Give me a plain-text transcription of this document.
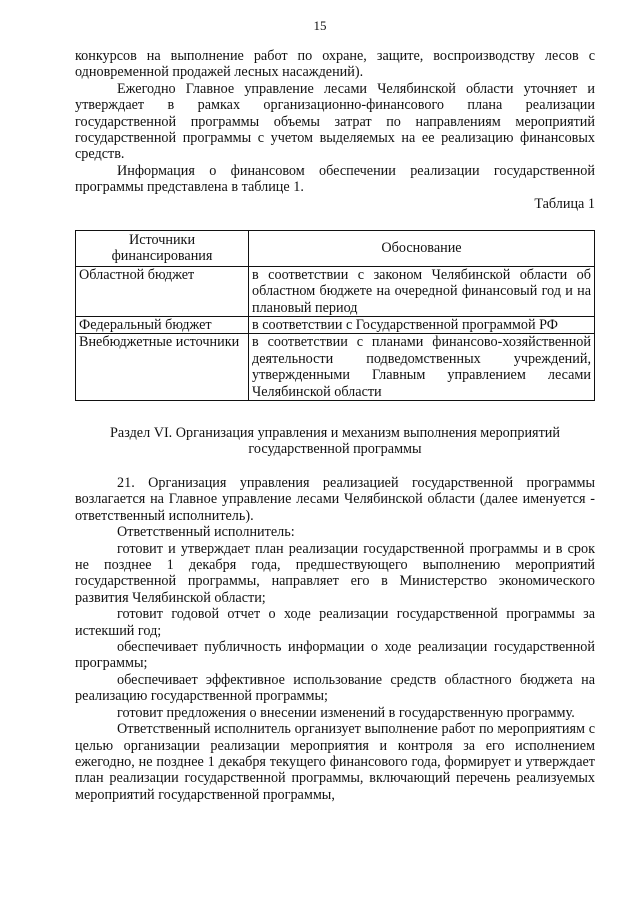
15

конкурсов на выполнение работ по охране, защите, воспроизводству лесов с одновременной продажей лесных насаждений).

Ежегодно Главное управление лесами Челябинской области уточняет и утверждает в рамках организационно-финансового плана реализации государственной программы объемы затрат по направлениям мероприятий государственной программы с учетом выделяемых на ее реализацию финансовых средств.

Информация о финансовом обеспечении реализации государственной программы представлена в таблице 1.

Таблица 1

Источники финансирования	Обоснование
Областной бюджет	в соответствии с законом Челябинской области об областном бюджете на очередной финансовый год и на плановый период
Федеральный бюджет	в соответствии с Государственной программой РФ
Внебюджетные источники	в соответствии с планами финансово-хозяйственной деятельности подведомственных учреждений, утвержденными Главным управлением лесами Челябинской области
Раздел VI. Организация управления и механизм выполнения мероприятий государственной программы

21. Организация управления реализацией государственной программы возлагается на Главное управление лесами Челябинской области (далее именуется - ответственный исполнитель).

Ответственный исполнитель:

готовит и утверждает план реализации государственной программы и в срок не позднее 1 декабря года, предшествующего выполнению мероприятий государственной программы, направляет его в Министерство экономического развития Челябинской области;

готовит годовой отчет о ходе реализации государственной программы за истекший год;

обеспечивает публичность информации о ходе реализации государственной программы;

обеспечивает эффективное использование средств областного бюджета на реализацию государственной программы;

готовит предложения о внесении изменений в государственную программу.

Ответственный исполнитель организует выполнение работ по мероприятиям с целью организации реализации мероприятия и контроля за его исполнением ежегодно, не позднее 1 декабря текущего финансового года, формирует и утверждает план реализации государственной программы, включающий перечень реализуемых мероприятий государственной программы,
